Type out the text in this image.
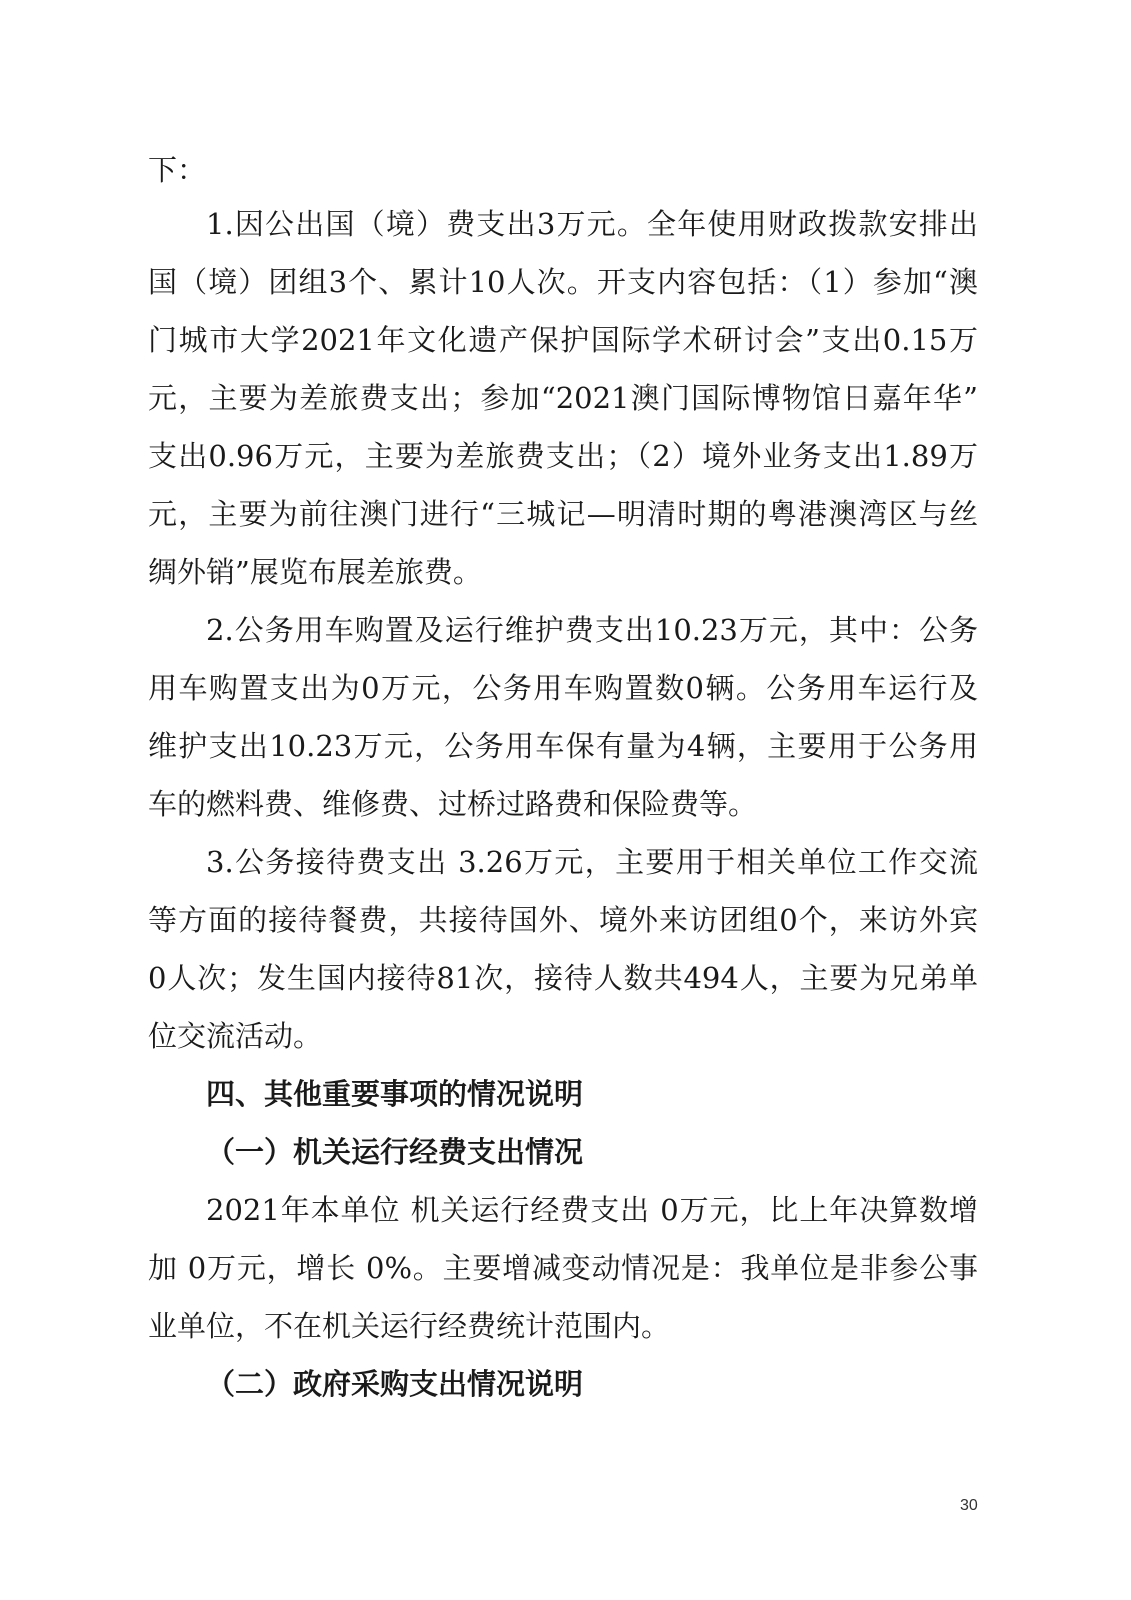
下：
1.因公出国（境）费支出3万元。全年使用财政拨款安排出
国（境）团组3个、累计10人次。开支内容包括：（1）参加“澳
门城市大学2021年文化遗产保护国际学术研讨会”支出0.15万
元，主要为差旅费支出；参加“2021澳门国际博物馆日嘉年华”
支出0.96万元，主要为差旅费支出；（2）境外业务支出1.89万
元，主要为前往澳门进行“三城记—明清时期的粤港澳湾区与丝
绸外销”展览布展差旅费。
2.公务用车购置及运行维护费支出10.23万元，其中：公务
用车购置支出为0万元，公务用车购置数0辆。公务用车运行及
维护支出10.23万元，公务用车保有量为4辆，主要用于公务用
车的燃料费、维修费、过桥过路费和保险费等。
3.公务接待费支出 3.26万元，主要用于相关单位工作交流
等方面的接待餐费，共接待国外、境外来访团组0个，来访外宾
0人次；发生国内接待81次，接待人数共494人，主要为兄弟单
位交流活动。
四、其他重要事项的情况说明
（一）机关运行经费支出情况
2021年本单位 机关运行经费支出 0万元，比上年决算数增
加 0万元，增长 0%。主要增减变动情况是：我单位是非参公事
业单位，不在机关运行经费统计范围内。
（二）政府采购支出情况说明
30
